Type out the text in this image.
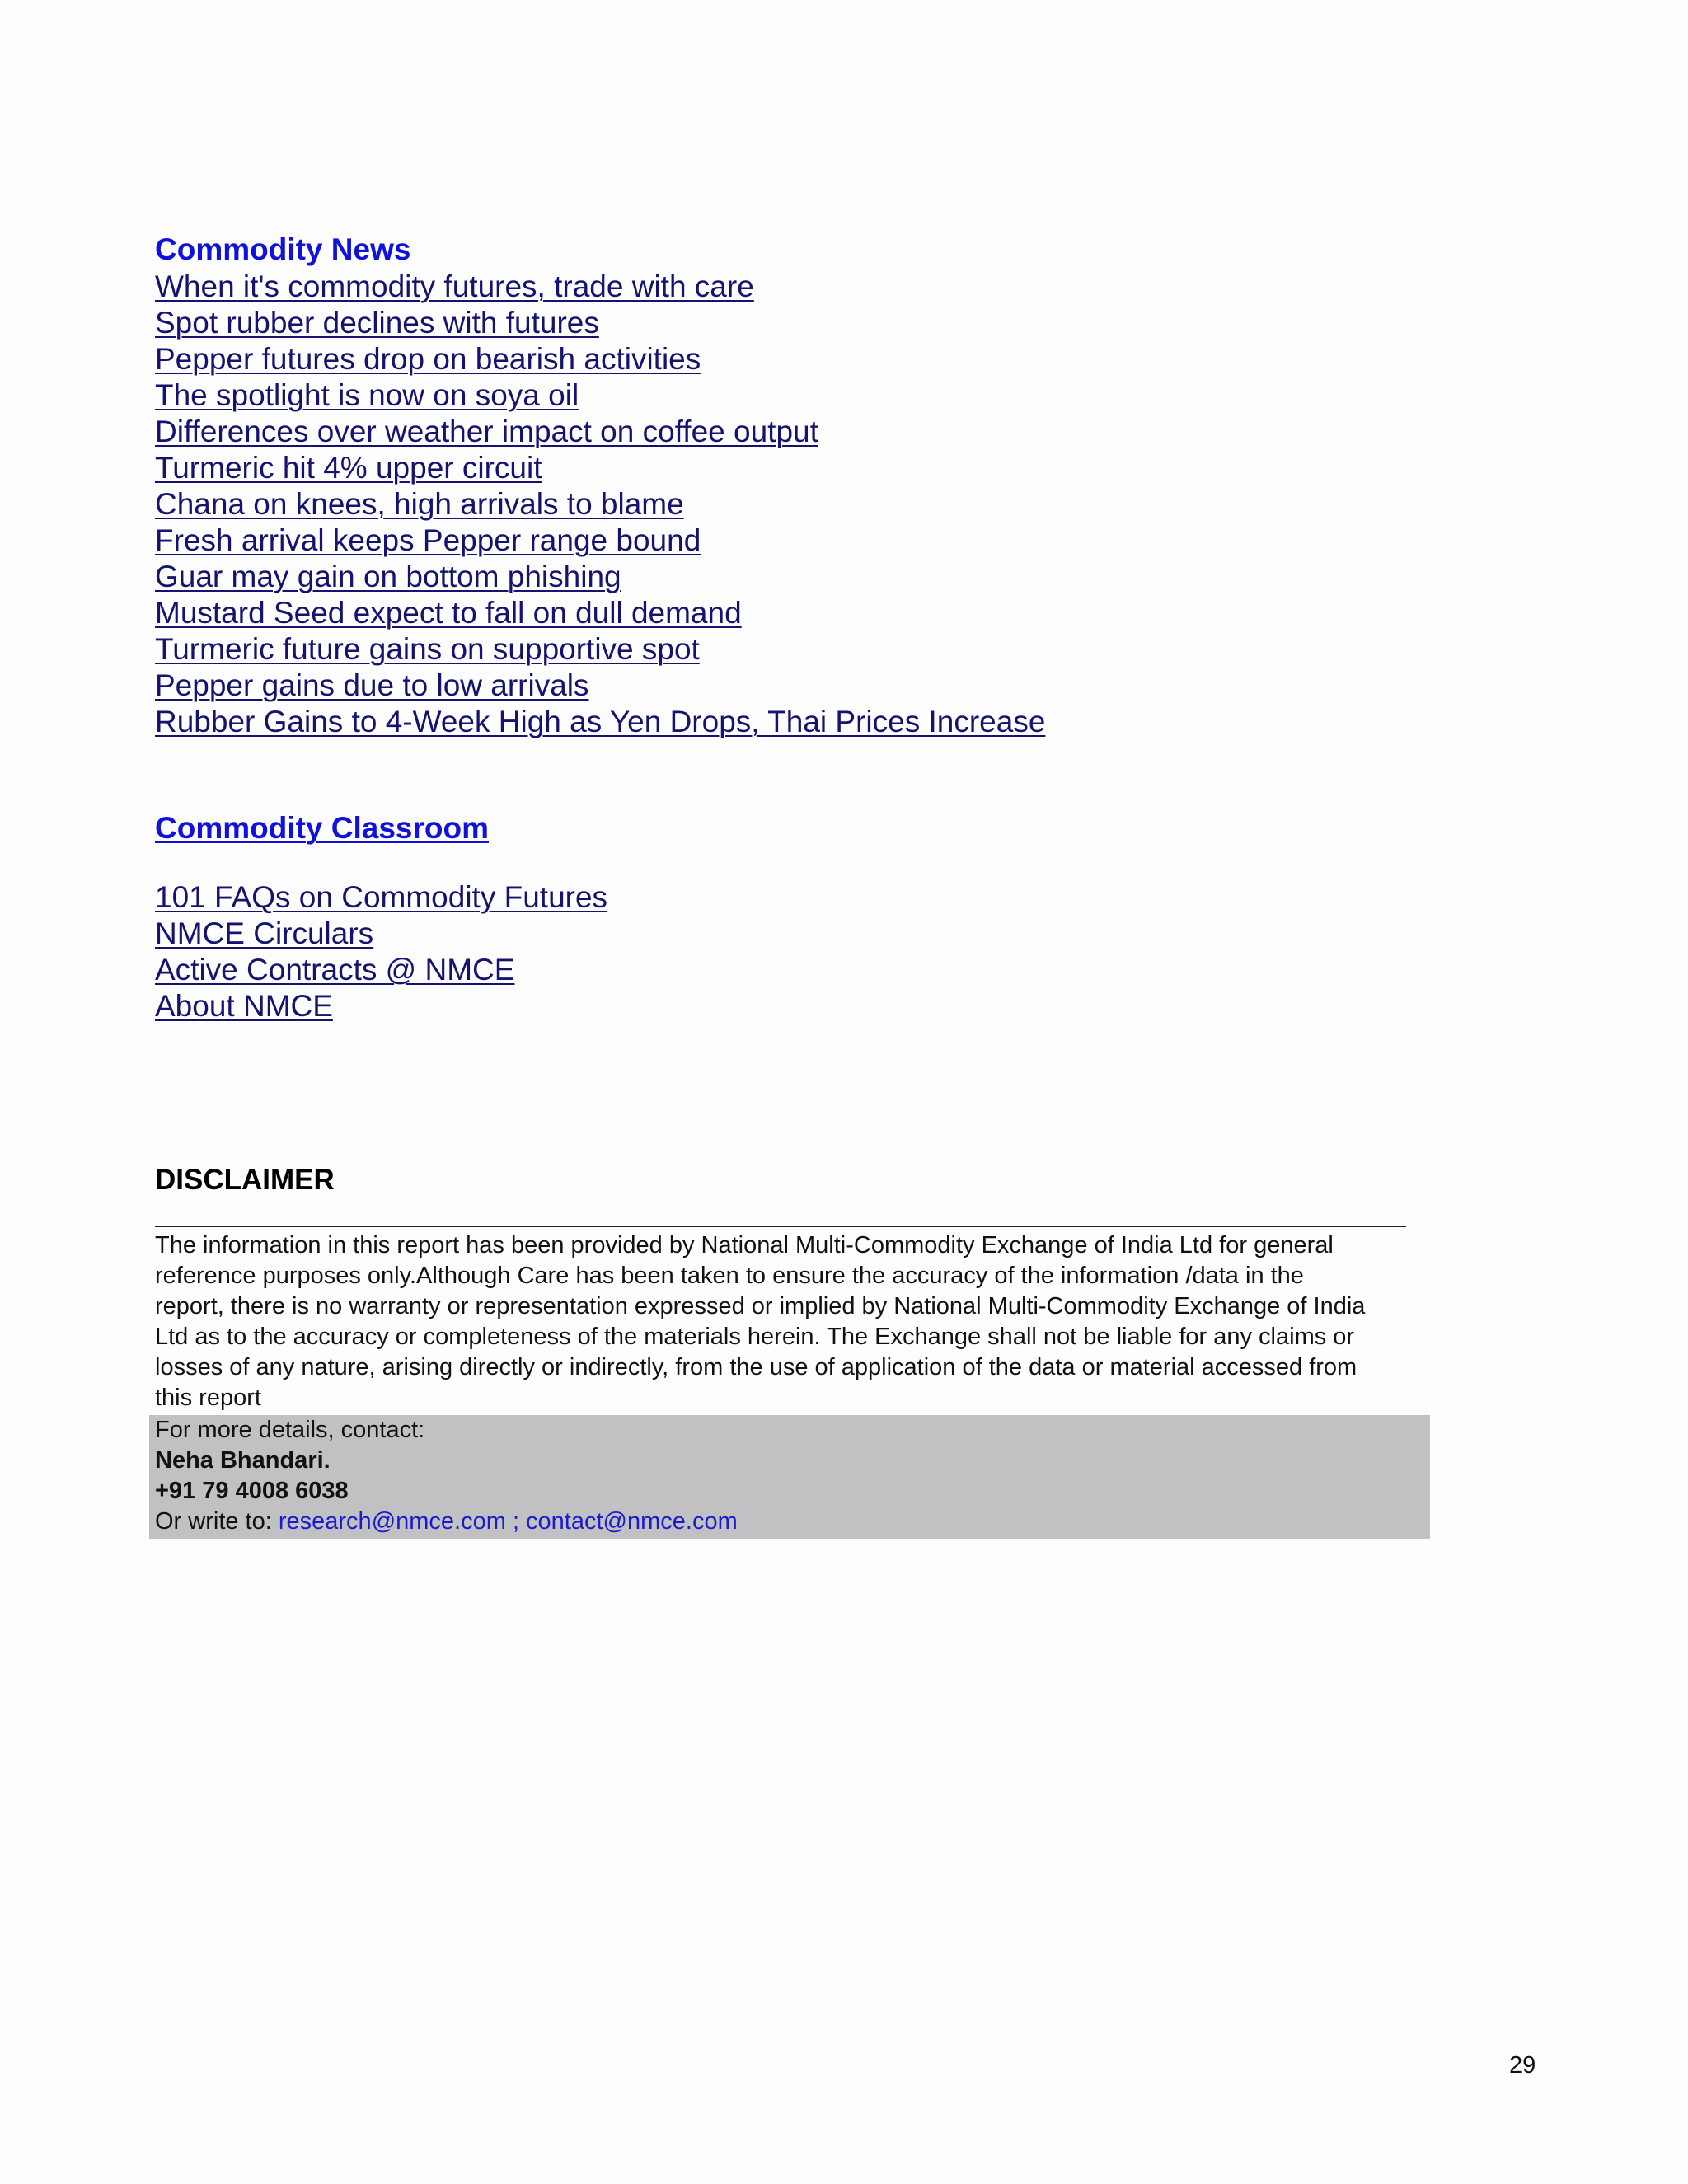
Commodity News
When it's commodity futures, trade with care
Spot rubber declines with futures
Pepper futures drop on bearish activities
The spotlight is now on soya oil
Differences over weather impact on coffee output
Turmeric hit 4% upper circuit
Chana on knees, high arrivals to blame
Fresh arrival keeps Pepper range bound
Guar may gain on bottom phishing
Mustard Seed expect to fall on dull demand
Turmeric future gains on supportive spot
Pepper gains due to low arrivals
Rubber Gains to 4-Week High as Yen Drops, Thai Prices Increase
Commodity Classroom
101 FAQs on Commodity Futures
NMCE Circulars
Active Contracts @ NMCE
About NMCE
DISCLAIMER
The information in this report has been provided by National Multi-Commodity Exchange of India Ltd for general
reference purposes only.Although Care has been taken to ensure the accuracy of the information /data in the
report, there is no warranty or representation expressed or implied by National Multi-Commodity Exchange of India
Ltd as to the accuracy or completeness of the materials herein. The Exchange shall not be liable for any claims or
losses of any nature, arising directly or indirectly, from the use of application of the data or material accessed from
this report
For more details, contact:
Neha Bhandari.
+91 79 4008 6038
Or write to: research@nmce.com ; contact@nmce.com
29
